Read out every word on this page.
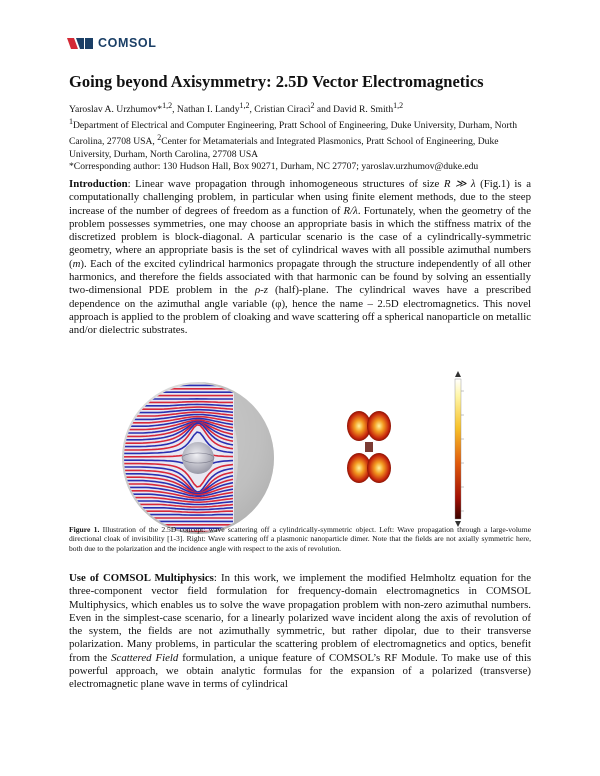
COMSOL
Going beyond Axisymmetry: 2.5D Vector Electromagnetics

Yaroslav A. Urzhumov*$^{1,2}$, Nathan I. Landy$^{1,2}$, Cristian Ciracì$^2$ and David R. Smith$^{1,2}$

$^1$Department of Electrical and Computer Engineering, Pratt School of Engineering, Duke University, Durham, North Carolina, 27708 USA, $^2$Center for Metamaterials and Integrated Plasmonics, Pratt School of Engineering, Duke University, Durham, North Carolina, 27708 USA

*Corresponding author: 130 Hudson Hall, Box 90271, Durham, NC 27707; yaroslav.urzhumov@duke.edu

Introduction: Linear wave propagation through inhomogeneous structures of size R ≫ λ (Fig.1) is a computationally challenging problem, in particular when using finite element methods, due to the steep increase of the number of degrees of freedom as a function of R/λ. Fortunately, when the geometry of the problem possesses symmetries, one may choose an appropriate basis in which the stiffness matrix of the discretized problem is block-diagonal. A particular scenario is the case of a cylindrically-symmetric geometry, where an appropriate basis is the set of cylindrical waves with all possible azimuthal numbers (m). Each of the excited cylindrical harmonics propagate through the structure independently of all other harmonics, and therefore the fields associated with that harmonic can be found by solving an essentially two-dimensional PDE problem in the ρ-z (half)-plane. The cylindrical waves have a prescribed dependence on the azimuthal angle variable (φ), hence the name – 2.5D electromagnetics. This novel approach is applied to the problem of cloaking and wave scattering off a spherical nanoparticle on metallic and/or dielectric substrates.

Figure 1. Illustration of the 2.5D concept: wave scattering off a cylindrically-symmetric object. Left: Wave propagation through a large-volume directional cloak of invisibility [1-3]. Right: Wave scattering off a plasmonic nanoparticle dimer. Note that the fields are not axially symmetric here, both due to the polarization and the incidence angle with respect to the axis of revolution.

Use of COMSOL Multiphysics: In this work, we implement the modified Helmholtz equation for the three-component vector field formulation for frequency-domain electromagnetics in COMSOL Multiphysics, which enables us to solve the wave propagation problem with non-zero azimuthal numbers. Even in the simplest-case scenario, for a linearly polarized wave incident along the axis of revolution of the system, the fields are not azimuthally symmetric, but rather dipolar, due to their transverse polarization. Many problems, in particular the scattering problem of electromagnetics and optics, benefit from the Scattered Field formulation, a unique feature of COMSOL’s RF Module. To make use of this powerful approach, we obtain analytic formulas for the expansion of a polarized (transverse) electromagnetic plane wave in terms of cylindrical
